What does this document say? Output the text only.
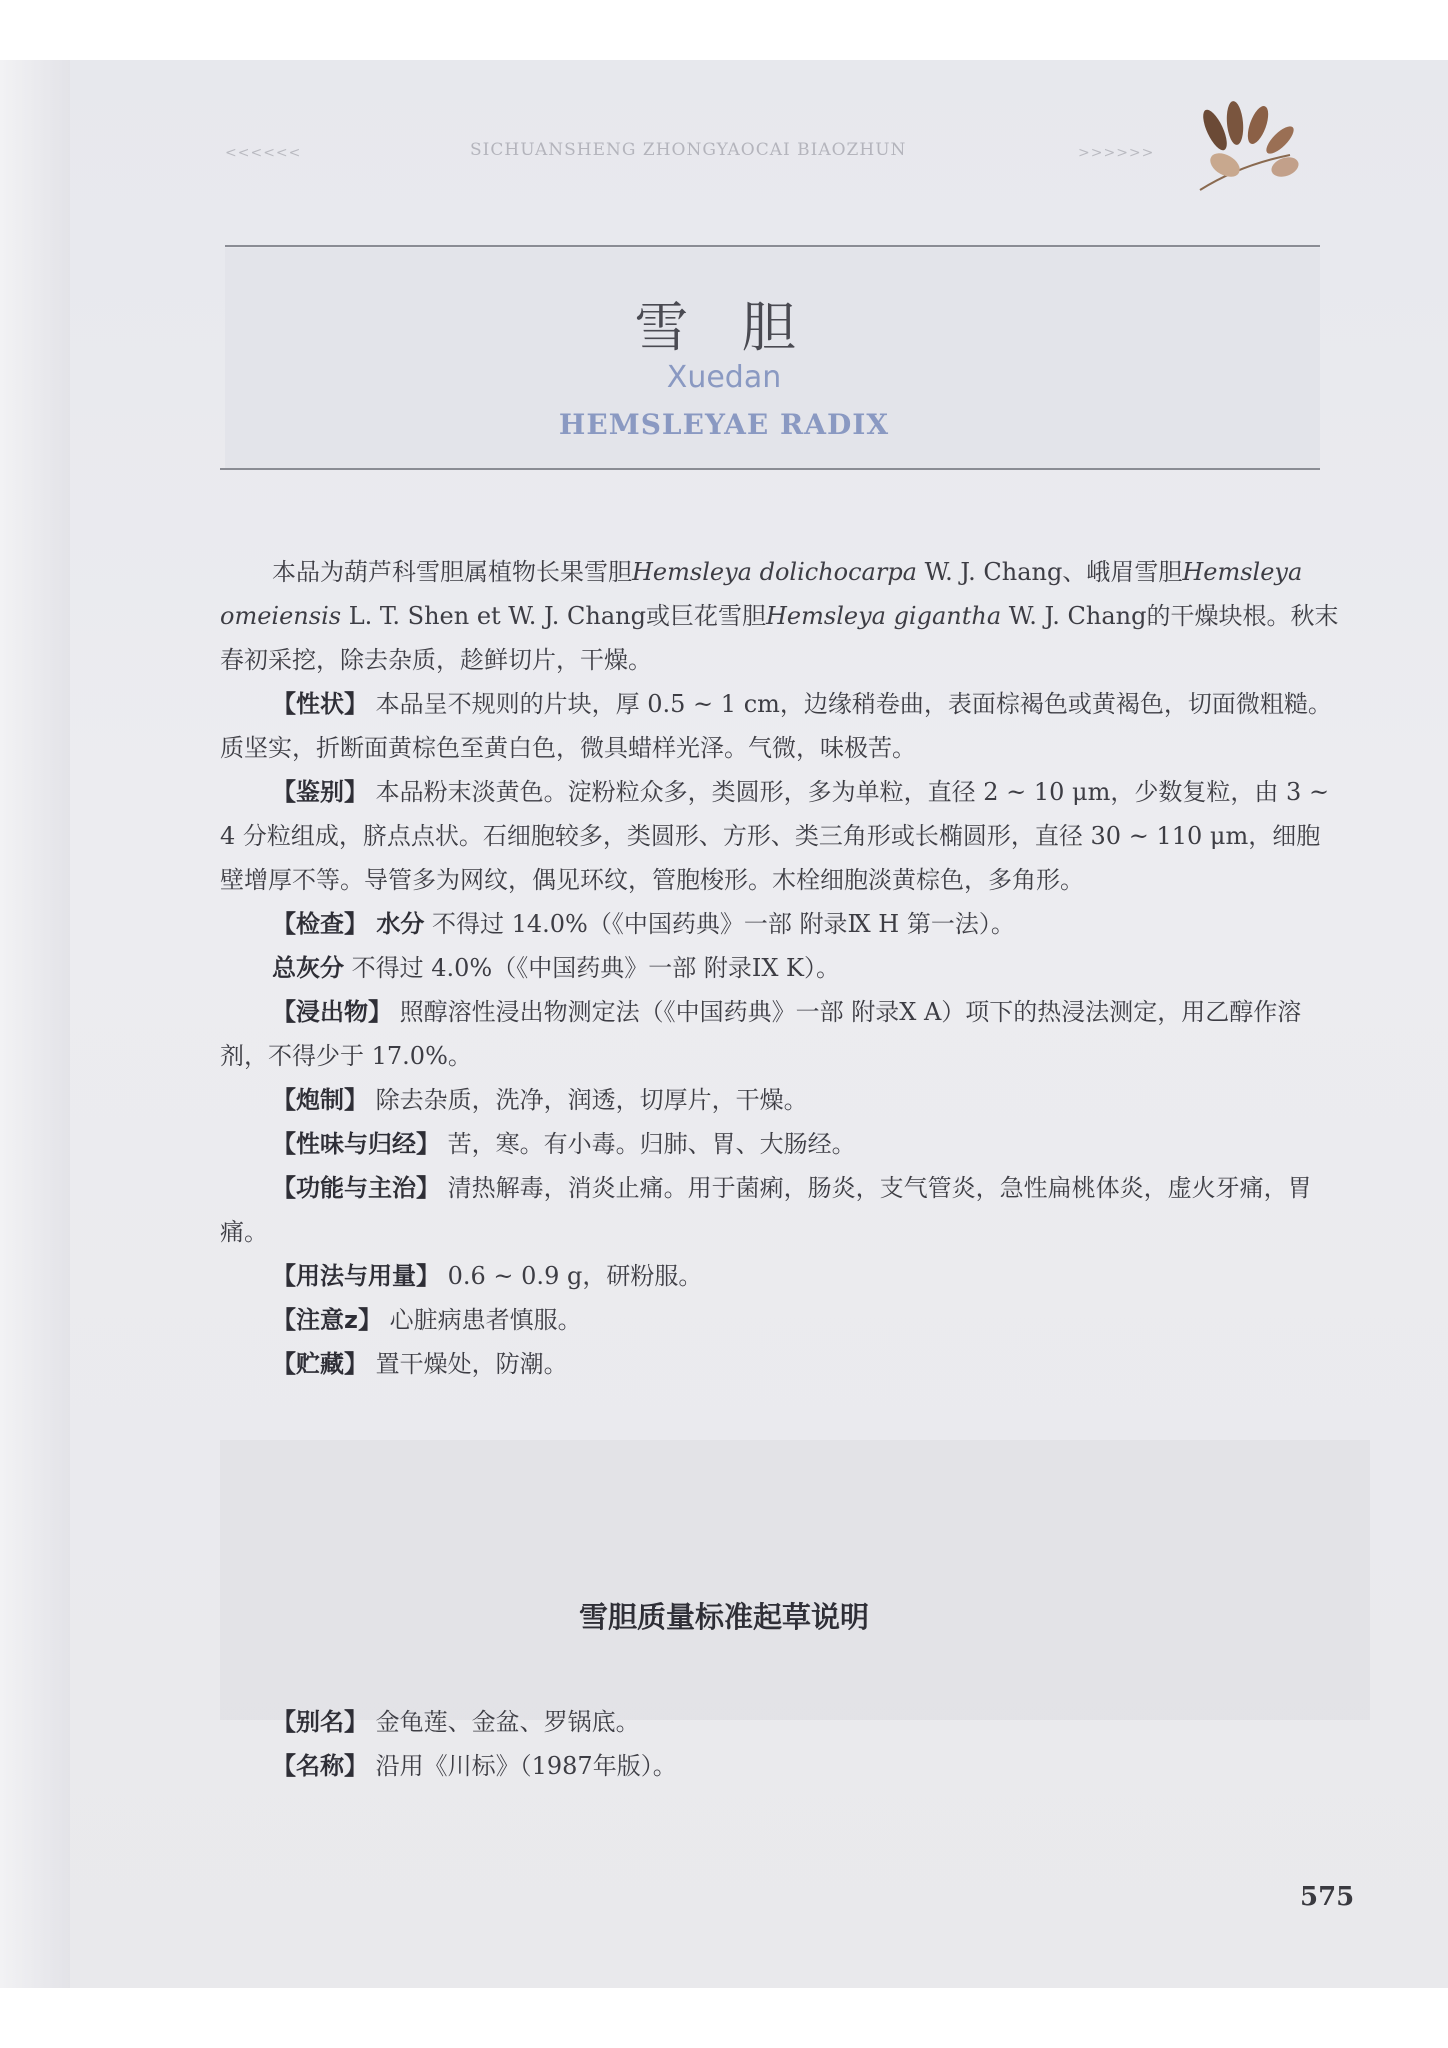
<<<<<<	SICHUANSHENG ZHONGYAOCAI BIAOZHUN	>>>>>>
雪 胆
Xuedan
HEMSLEYAE RADIX

本品为葫芦科雪胆属植物长果雪胆Hemsleya dolichocarpa W. J. Chang、峨眉雪胆Hemsleya omeiensis L. T. Shen et W. J. Chang或巨花雪胆Hemsleya gigantha W. J. Chang的干燥块根。秋末春初采挖，除去杂质，趁鲜切片，干燥。

【性状】 本品呈不规则的片块，厚 0.5 ~ 1 cm，边缘稍卷曲，表面棕褐色或黄褐色，切面微粗糙。质坚实，折断面黄棕色至黄白色，微具蜡样光泽。气微，味极苦。

【鉴别】 本品粉末淡黄色。淀粉粒众多，类圆形，多为单粒，直径 2 ~ 10 μm，少数复粒，由 3 ~ 4 分粒组成，脐点点状。石细胞较多，类圆形、方形、类三角形或长椭圆形，直径 30 ~ 110 μm，细胞壁增厚不等。导管多为网纹，偶见环纹，管胞梭形。木栓细胞淡黄棕色，多角形。

【检查】 水分 不得过 14.0%（《中国药典》一部 附录Ⅸ H 第一法）。

总灰分 不得过 4.0%（《中国药典》一部 附录IX K）。

【浸出物】 照醇溶性浸出物测定法（《中国药典》一部 附录X A）项下的热浸法测定，用乙醇作溶剂，不得少于 17.0%。

【炮制】 除去杂质，洗净，润透，切厚片，干燥。

【性味与归经】 苦，寒。有小毒。归肺、胃、大肠经。

【功能与主治】 清热解毒，消炎止痛。用于菌痢，肠炎，支气管炎，急性扁桃体炎，虚火牙痛，胃痛。

【用法与用量】 0.6 ~ 0.9 g，研粉服。

【注意z】 心脏病患者慎服。

【贮藏】 置干燥处，防潮。

雪胆质量标准起草说明

【别名】 金龟莲、金盆、罗锅底。

【名称】 沿用《川标》（1987年版）。

575
